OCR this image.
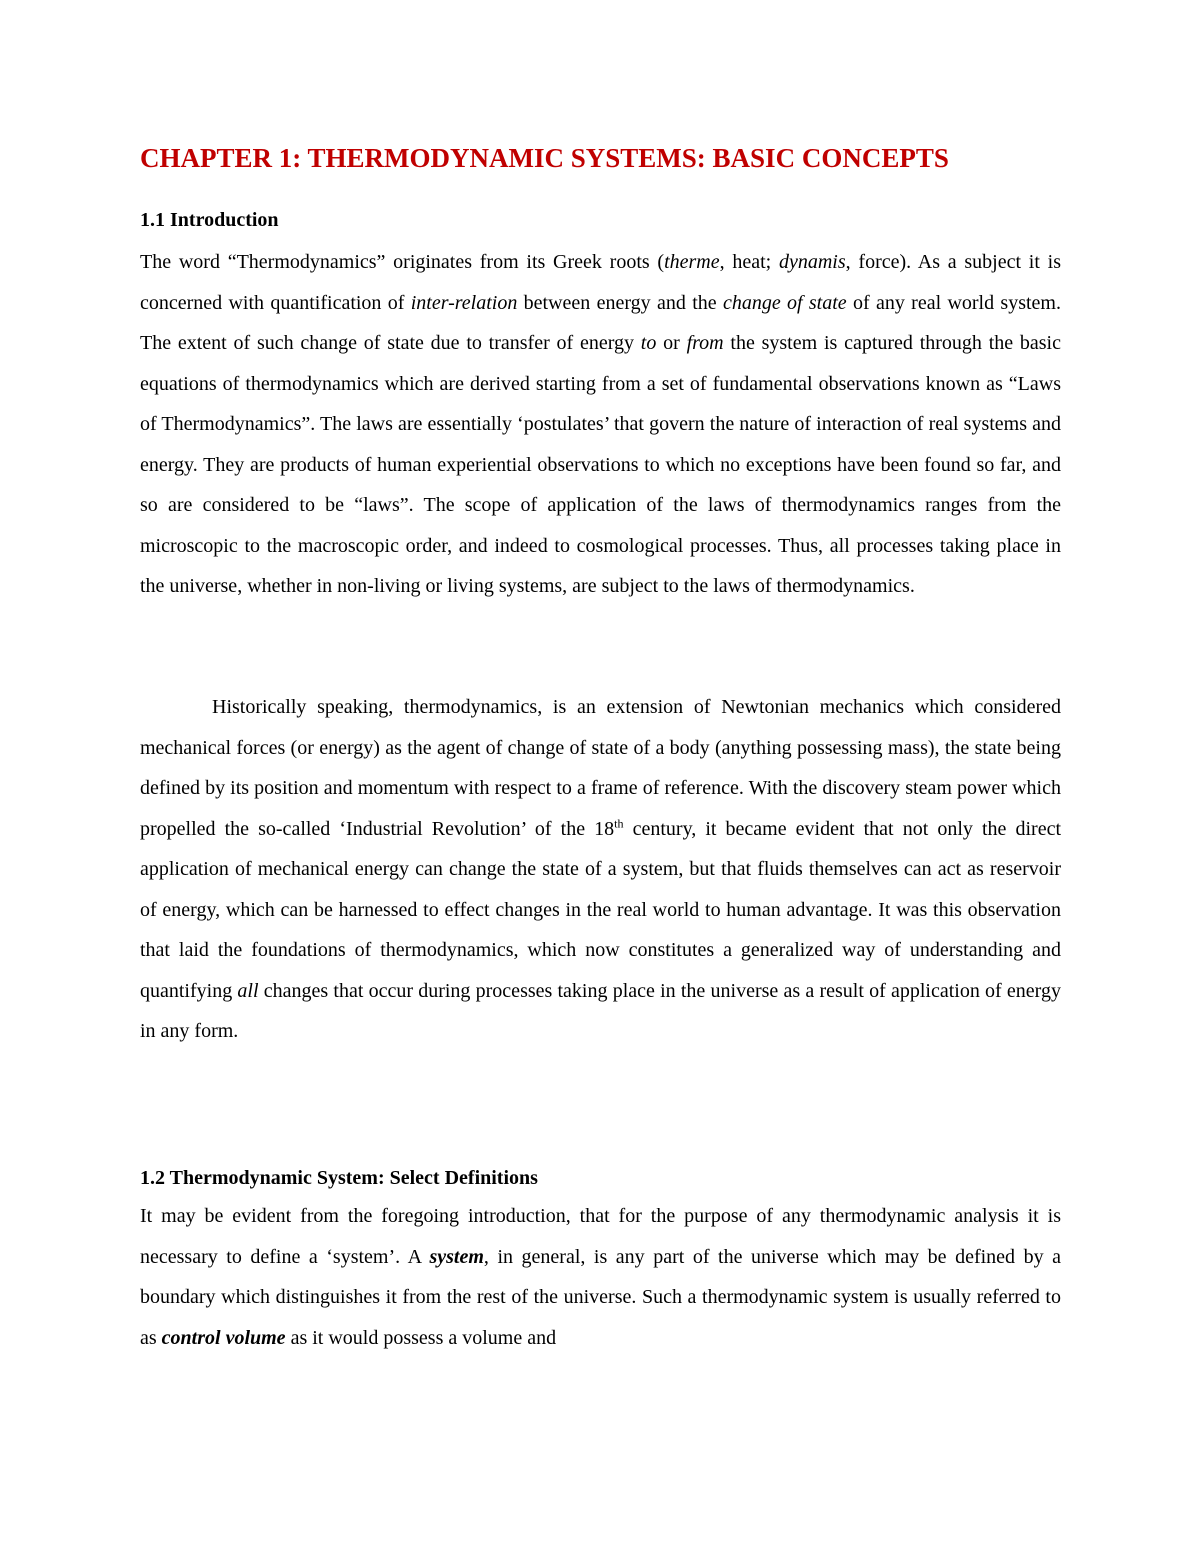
CHAPTER 1: THERMODYNAMIC SYSTEMS: BASIC CONCEPTS
1.1 Introduction

The word “Thermodynamics” originates from its Greek roots (therme, heat; dynamis, force). As a subject it is concerned with quantification of inter-relation between energy and the change of state of any real world system. The extent of such change of state due to transfer of energy to or from the system is captured through the basic equations of thermodynamics which are derived starting from a set of fundamental observations known as “Laws of Thermodynamics”. The laws are essentially ‘postulates’ that govern the nature of interaction of real systems and energy. They are products of human experiential observations to which no exceptions have been found so far, and so are considered to be “laws”. The scope of application of the laws of thermodynamics ranges from the microscopic to the macroscopic order, and indeed to cosmological processes. Thus, all processes taking place in the universe, whether in non-living or living systems, are subject to the laws of thermodynamics.

Historically speaking, thermodynamics, is an extension of Newtonian mechanics which considered mechanical forces (or energy) as the agent of change of state of a body (anything possessing mass), the state being defined by its position and momentum with respect to a frame of reference. With the discovery steam power which propelled the so-called ‘Industrial Revolution’ of the 18th century, it became evident that not only the direct application of mechanical energy can change the state of a system, but that fluids themselves can act as reservoir of energy, which can be harnessed to effect changes in the real world to human advantage. It was this observation that laid the foundations of thermodynamics, which now constitutes a generalized way of understanding and quantifying all changes that occur during processes taking place in the universe as a result of application of energy in any form.

1.2 Thermodynamic System: Select Definitions

It may be evident from the foregoing introduction, that for the purpose of any thermodynamic analysis it is necessary to define a ‘system’. A system, in general, is any part of the universe which may be defined by a boundary which distinguishes it from the rest of the universe. Such a thermodynamic system is usually referred to as control volume as it would possess a volume and
